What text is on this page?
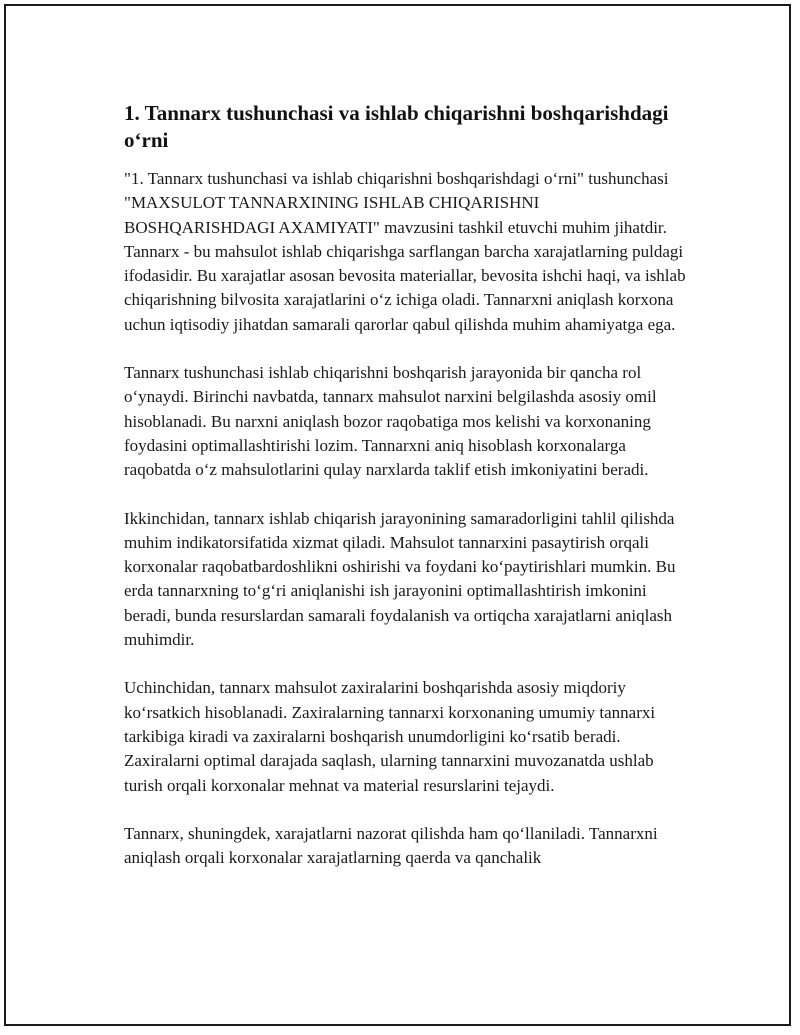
1. Tannarx tushunchasi va ishlab chiqarishni boshqarishdagi o‘rni

"1. Tannarx tushunchasi va ishlab chiqarishni boshqarishdagi o‘rni" tushunchasi "MAXSULOT TANNARXINING ISHLAB CHIQARISHNI BOSHQARISHDAGI AXAMIYATI" mavzusini tashkil etuvchi muhim jihatdir. Tannarx - bu mahsulot ishlab chiqarishga sarflangan barcha xarajatlarning puldagi ifodasidir. Bu xarajatlar asosan bevosita materiallar, bevosita ishchi haqi, va ishlab chiqarishning bilvosita xarajatlarini o‘z ichiga oladi. Tannarxni aniqlash korxona uchun iqtisodiy jihatdan samarali qarorlar qabul qilishda muhim ahamiyatga ega.

Tannarx tushunchasi ishlab chiqarishni boshqarish jarayonida bir qancha rol o‘ynaydi. Birinchi navbatda, tannarx mahsulot narxini belgilashda asosiy omil hisoblanadi. Bu narxni aniqlash bozor raqobatiga mos kelishi va korxonaning foydasini optimallashtirishi lozim. Tannarxni aniq hisoblash korxonalarga raqobatda o‘z mahsulotlarini qulay narxlarda taklif etish imkoniyatini beradi.

Ikkinchidan, tannarx ishlab chiqarish jarayonining samaradorligini tahlil qilishda muhim indikatorsifatida xizmat qiladi. Mahsulot tannarxini pasaytirish orqali korxonalar raqobatbardoshlikni oshirishi va foydani ko‘paytirishlari mumkin. Bu erda tannarxning to‘g‘ri aniqlanishi ish jarayonini optimallashtirish imkonini beradi, bunda resurslardan samarali foydalanish va ortiqcha xarajatlarni aniqlash muhimdir.

Uchinchidan, tannarx mahsulot zaxiralarini boshqarishda asosiy miqdoriy ko‘rsatkich hisoblanadi. Zaxiralarning tannarxi korxonaning umumiy tannarxi tarkibiga kiradi va zaxiralarni boshqarish unumdorligini ko‘rsatib beradi. Zaxiralarni optimal darajada saqlash, ularning tannarxini muvozanatda ushlab turish orqali korxonalar mehnat va material resurslarini tejaydi.

Tannarx, shuningdek, xarajatlarni nazorat qilishda ham qo‘llaniladi. Tannarxni aniqlash orqali korxonalar xarajatlarning qaerda va qanchalik
